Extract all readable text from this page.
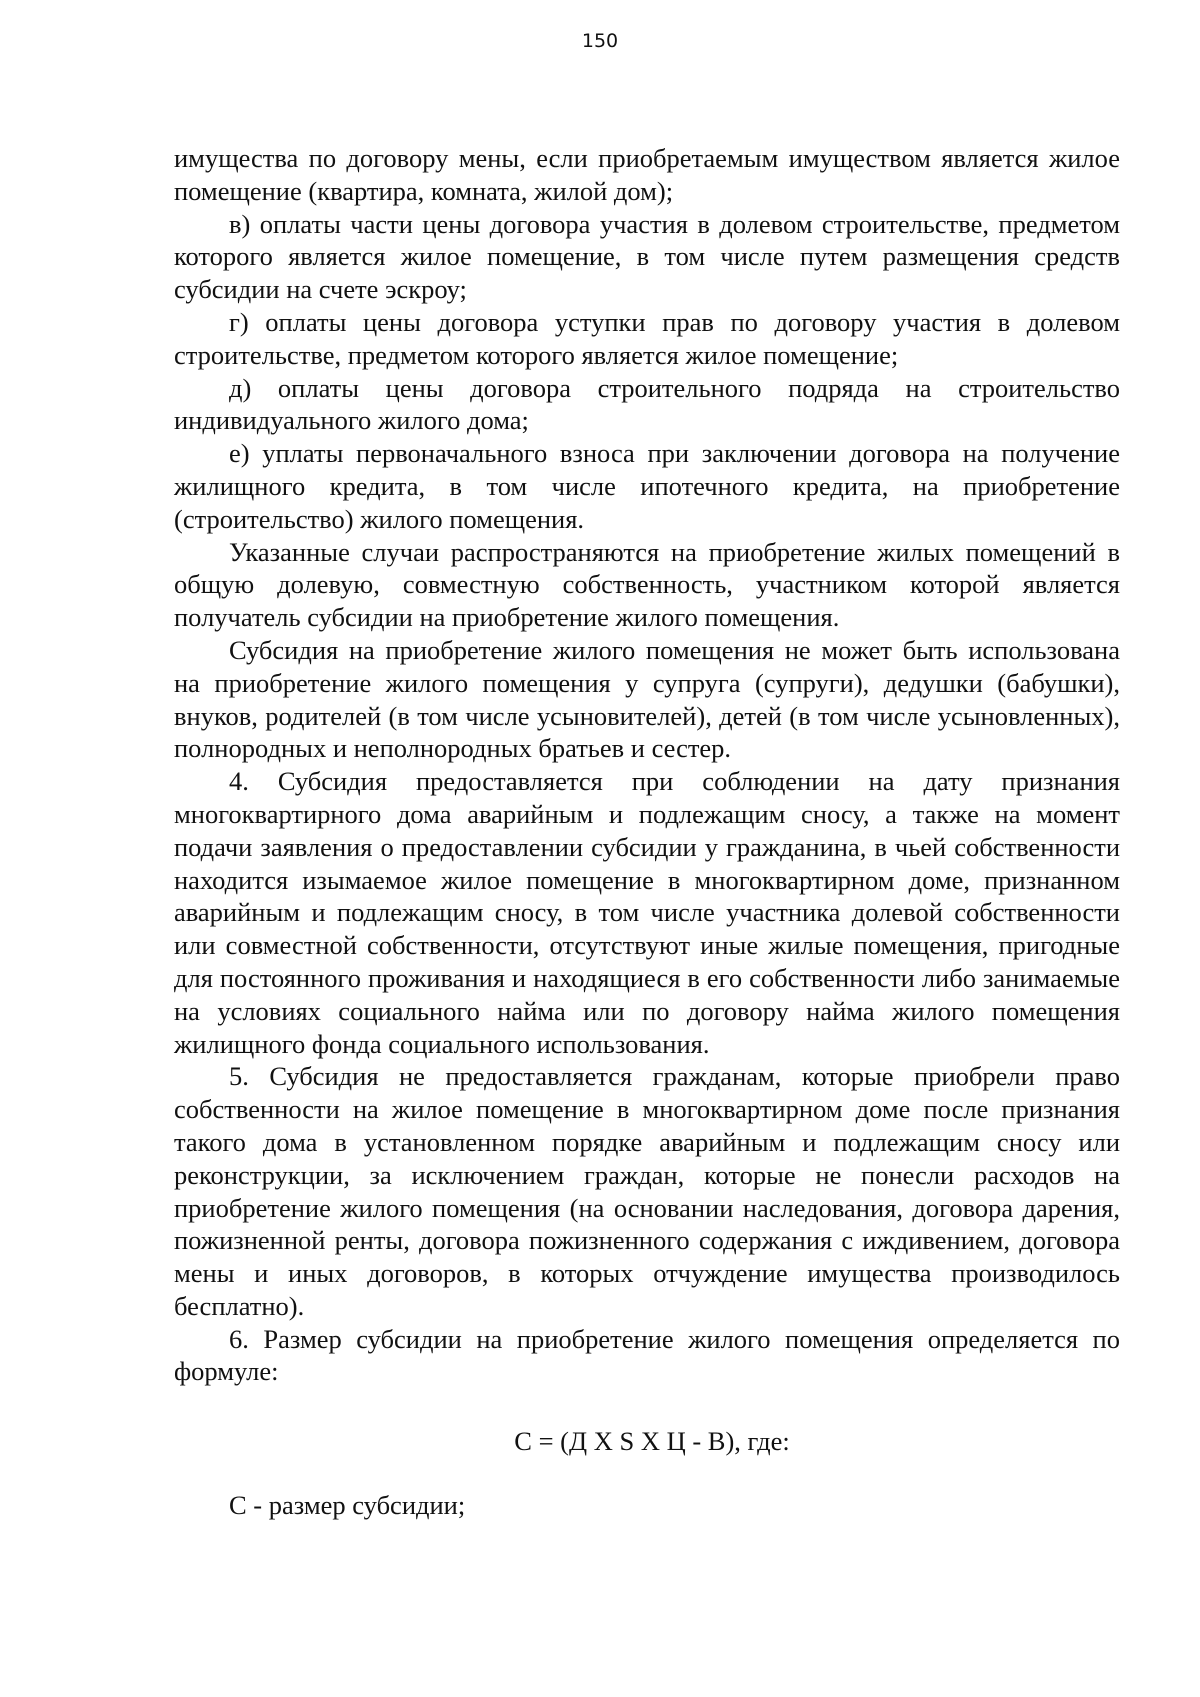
150

имущества по договору мены, если приобретаемым имуществом является жилое помещение (квартира, комната, жилой дом);

в) оплаты части цены договора участия в долевом строительстве, предметом которого является жилое помещение, в том числе путем размещения средств субсидии на счете эскроу;

г) оплаты цены договора уступки прав по договору участия в долевом строительстве, предметом которого является жилое помещение;

д) оплаты цены договора строительного подряда на строительство индивидуального жилого дома;

е) уплаты первоначального взноса при заключении договора на получение жилищного кредита, в том числе ипотечного кредита, на приобретение (строительство) жилого помещения.

Указанные случаи распространяются на приобретение жилых помещений в общую долевую, совместную собственность, участником которой является получатель субсидии на приобретение жилого помещения.

Субсидия на приобретение жилого помещения не может быть использована на приобретение жилого помещения у супруга (супруги), дедушки (бабушки), внуков, родителей (в том числе усыновителей), детей (в том числе усыновленных), полнородных и неполнородных братьев и сестер.

4. Субсидия предоставляется при соблюдении на дату признания многоквартирного дома аварийным и подлежащим сносу, а также на момент подачи заявления о предоставлении субсидии у гражданина, в чьей собственности находится изымаемое жилое помещение в многоквартирном доме, признанном аварийным и подлежащим сносу, в том числе участника долевой собственности или совместной собственности, отсутствуют иные жилые помещения, пригодные для постоянного проживания и находящиеся в его собственности либо занимаемые на условиях социального найма или по договору найма жилого помещения жилищного фонда социального использования.

5. Субсидия не предоставляется гражданам, которые приобрели право собственности на жилое помещение в многоквартирном доме после признания такого дома в установленном порядке аварийным и подлежащим сносу или реконструкции, за исключением граждан, которые не понесли расходов на приобретение жилого помещения (на основании наследования, договора дарения, пожизненной ренты, договора пожизненного содержания с иждивением, договора мены и иных договоров, в которых отчуждение имущества производилось бесплатно).

6. Размер субсидии на приобретение жилого помещения определяется по формуле:

С = (Д Х S Х Ц - В), где:

С - размер субсидии;
